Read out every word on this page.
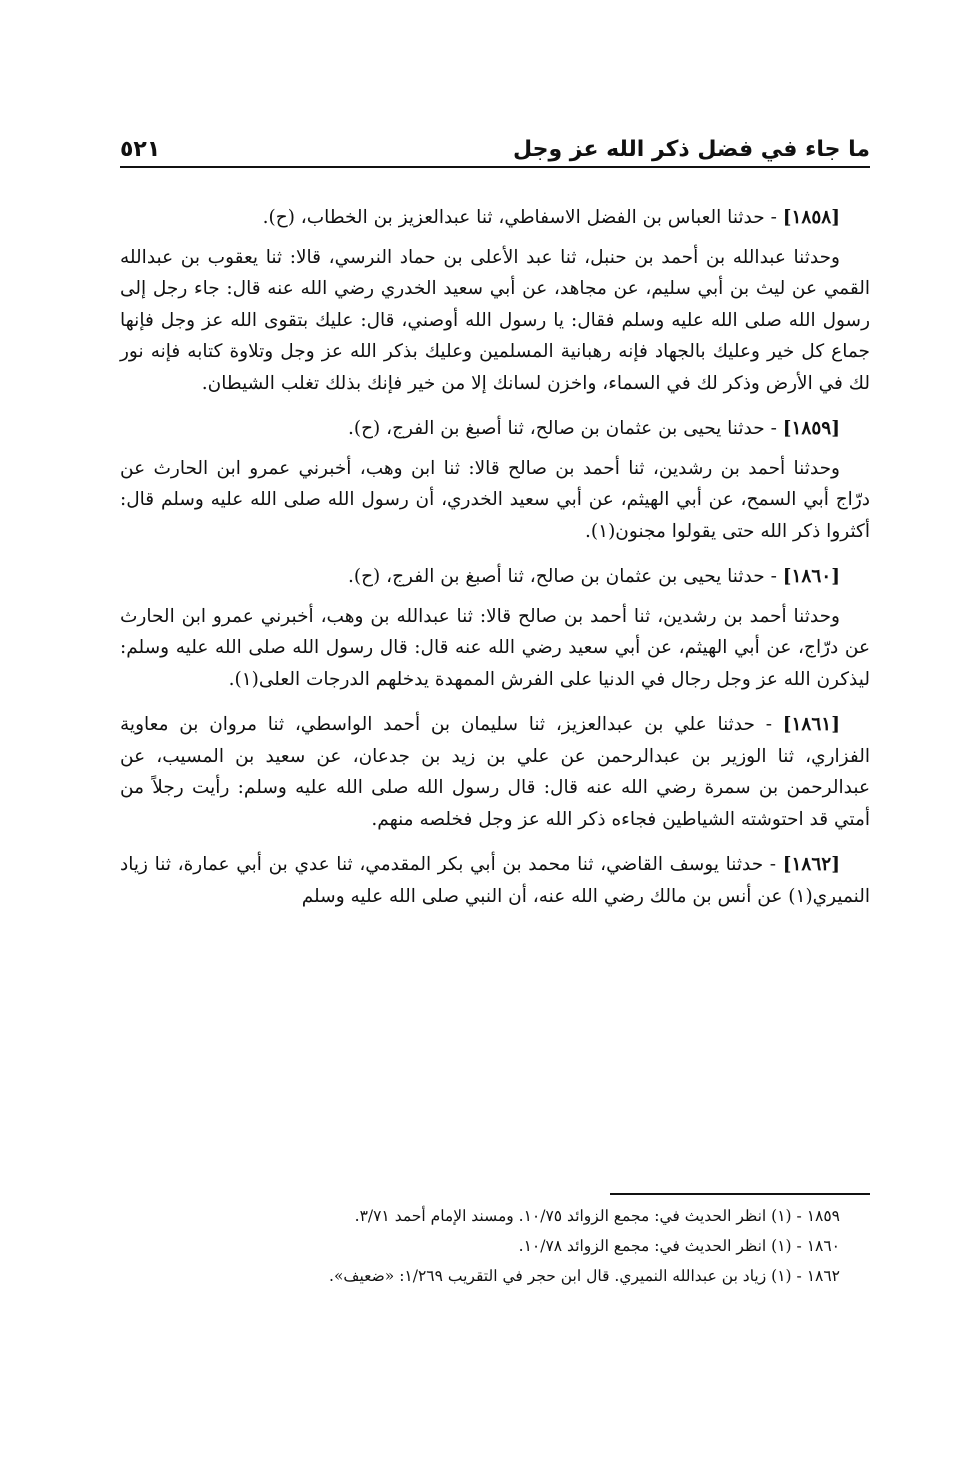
ما جاء في فضل ذكر الله عز وجل
٥٢١

[١٨٥٨] - حدثنا العباس بن الفضل الاسفاطي، ثنا عبدالعزيز بن الخطاب، (ح).

وحدثنا عبدالله بن أحمد بن حنبل، ثنا عبد الأعلى بن حماد النرسي، قالا: ثنا يعقوب بن عبدالله القمي عن ليث بن أبي سليم، عن مجاهد، عن أبي سعيد الخدري رضي الله عنه قال: جاء رجل إلى رسول الله صلى الله عليه وسلم فقال: يا رسول الله أوصني، قال: عليك بتقوى الله عز وجل فإنها جماع كل خير وعليك بالجهاد فإنه رهبانية المسلمين وعليك بذكر الله عز وجل وتلاوة كتابه فإنه نور لك في الأرض وذكر لك في السماء، واخزن لسانك إلا من خير فإنك بذلك تغلب الشيطان.

[١٨٥٩] - حدثنا يحيى بن عثمان بن صالح، ثنا أصبغ بن الفرج، (ح).

وحدثنا أحمد بن رشدين، ثنا أحمد بن صالح قالا: ثنا ابن وهب، أخبرني عمرو ابن الحارث عن درّاج أبي السمح، عن أبي الهيثم، عن أبي سعيد الخدري، أن رسول الله صلى الله عليه وسلم قال: أكثروا ذكر الله حتى يقولوا مجنون(١).

[١٨٦٠] - حدثنا يحيى بن عثمان بن صالح، ثنا أصبغ بن الفرج، (ح).

وحدثنا أحمد بن رشدين، ثنا أحمد بن صالح قالا: ثنا عبدالله بن وهب، أخبرني عمرو ابن الحارث عن درّاج، عن أبي الهيثم، عن أبي سعيد رضي الله عنه قال: قال رسول الله صلى الله عليه وسلم: ليذكرن الله عز وجل رجال في الدنيا على الفرش الممهدة يدخلهم الدرجات العلى(١).

[١٨٦١] - حدثنا علي بن عبدالعزيز، ثنا سليمان بن أحمد الواسطي، ثنا مروان بن معاوية الفزاري، ثنا الوزير بن عبدالرحمن عن علي بن زيد بن جدعان، عن سعيد بن المسيب، عن عبدالرحمن بن سمرة رضي الله عنه قال: قال رسول الله صلى الله عليه وسلم: رأيت رجلاً من أمتي قد احتوشته الشياطين فجاءه ذكر الله عز وجل فخلصه منهم.

[١٨٦٢] - حدثنا يوسف القاضي، ثنا محمد بن أبي بكر المقدمي، ثنا عدي بن أبي عمارة، ثنا زياد النميري(١) عن أنس بن مالك رضي الله عنه، أن النبي صلى الله عليه وسلم

١٨٥٩ - (١) انظر الحديث في: مجمع الزوائد ١٠/٧٥. ومسند الإمام أحمد ٣/٧١.
١٨٦٠ - (١) انظر الحديث في: مجمع الزوائد ١٠/٧٨.
١٨٦٢ - (١) زياد بن عبدالله النميري. قال ابن حجر في التقريب ١/٢٦٩: «ضعيف».
